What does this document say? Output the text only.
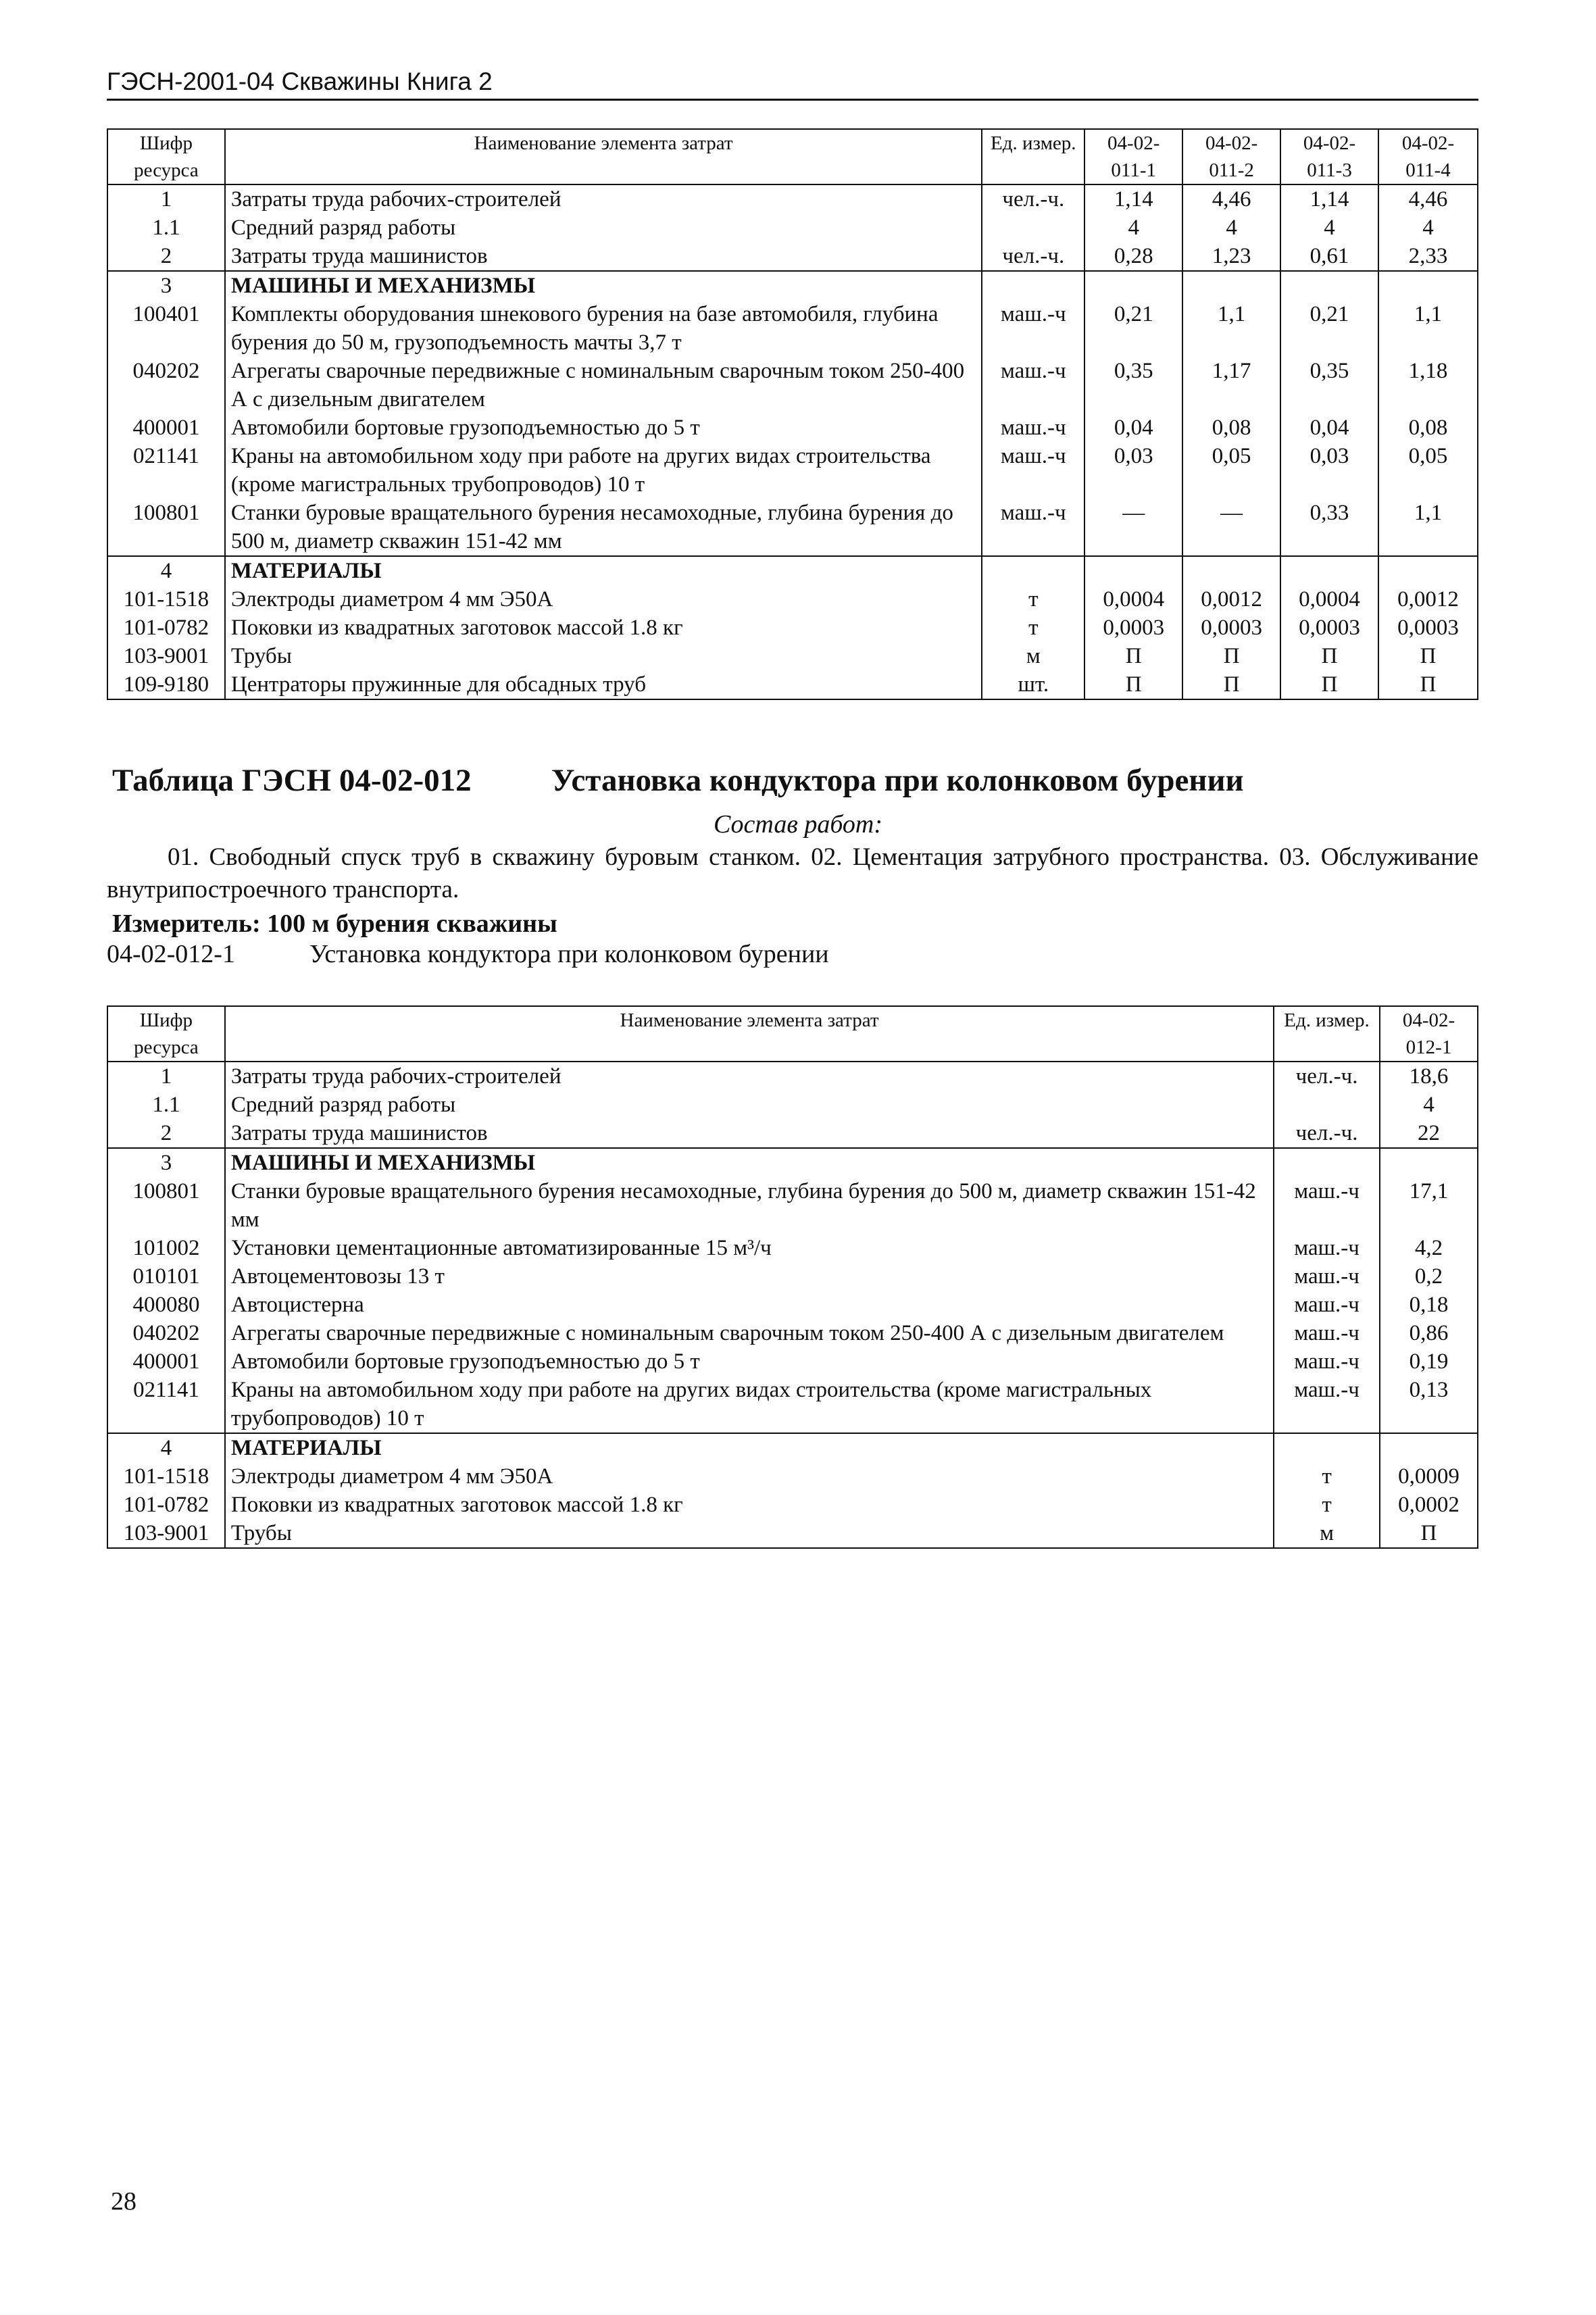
ГЭСН-2001-04 Скважины Книга 2
Шифр ресурса	Наименование элемента затрат	Ед. измер.	04-02-011-1	04-02-011-2	04-02-011-3	04-02-011-4
1	Затраты труда рабочих-строителей	чел.-ч.	1,14	4,46	1,14	4,46
1.1	Средний разряд работы		4	4	4	4
2	Затраты труда машинистов	чел.-ч.	0,28	1,23	0,61	2,33
3	МАШИНЫ И МЕХАНИЗМЫ					
100401	Комплекты оборудования шнекового бурения на базе автомобиля, глубина бурения до 50 м, грузоподъемность мачты 3,7 т	маш.-ч	0,21	1,1	0,21	1,1
040202	Агрегаты сварочные передвижные с номинальным сварочным током 250-400 А с дизельным двигателем	маш.-ч	0,35	1,17	0,35	1,18
400001	Автомобили бортовые грузоподъемностью до 5 т	маш.-ч	0,04	0,08	0,04	0,08
021141	Краны на автомобильном ходу при работе на других видах строительства (кроме магистральных трубопроводов) 10 т	маш.-ч	0,03	0,05	0,03	0,05
100801	Станки буровые вращательного бурения несамоходные, глубина бурения до 500 м, диаметр скважин 151-42 мм	маш.-ч	—	—	0,33	1,1
4	МАТЕРИАЛЫ					
101-1518	Электроды диаметром 4 мм Э50А	т	0,0004	0,0012	0,0004	0,0012
101-0782	Поковки из квадратных заготовок массой 1.8 кг	т	0,0003	0,0003	0,0003	0,0003
103-9001	Трубы	м	П	П	П	П
109-9180	Центраторы пружинные для обсадных труб	шт.	П	П	П	П
Таблица ГЭСН 04-02-012	Установка кондуктора при колонковом бурении
Состав работ:
01. Свободный спуск труб в скважину буровым станком. 02. Цементация затрубного пространства. 03. Обслуживание внутрипостроечного транспорта.
Измеритель: 100 м бурения скважины
04-02-012-1	Установка кондуктора при колонковом бурении
Шифр ресурса	Наименование элемента затрат	Ед. измер.	04-02-012-1
1	Затраты труда рабочих-строителей	чел.-ч.	18,6
1.1	Средний разряд работы		4
2	Затраты труда машинистов	чел.-ч.	22
3	МАШИНЫ И МЕХАНИЗМЫ		
100801	Станки буровые вращательного бурения несамоходные, глубина бурения до 500 м, диаметр скважин 151-42 мм	маш.-ч	17,1
101002	Установки цементационные автоматизированные 15 м³/ч	маш.-ч	4,2
010101	Автоцементовозы 13 т	маш.-ч	0,2
400080	Автоцистерна	маш.-ч	0,18
040202	Агрегаты сварочные передвижные с номинальным сварочным током 250-400 А с дизельным двигателем	маш.-ч	0,86
400001	Автомобили бортовые грузоподъемностью до 5 т	маш.-ч	0,19
021141	Краны на автомобильном ходу при работе на других видах строительства (кроме магистральных трубопроводов) 10 т	маш.-ч	0,13
4	МАТЕРИАЛЫ		
101-1518	Электроды диаметром 4 мм Э50А	т	0,0009
101-0782	Поковки из квадратных заготовок массой 1.8 кг	т	0,0002
103-9001	Трубы	м	П
28
